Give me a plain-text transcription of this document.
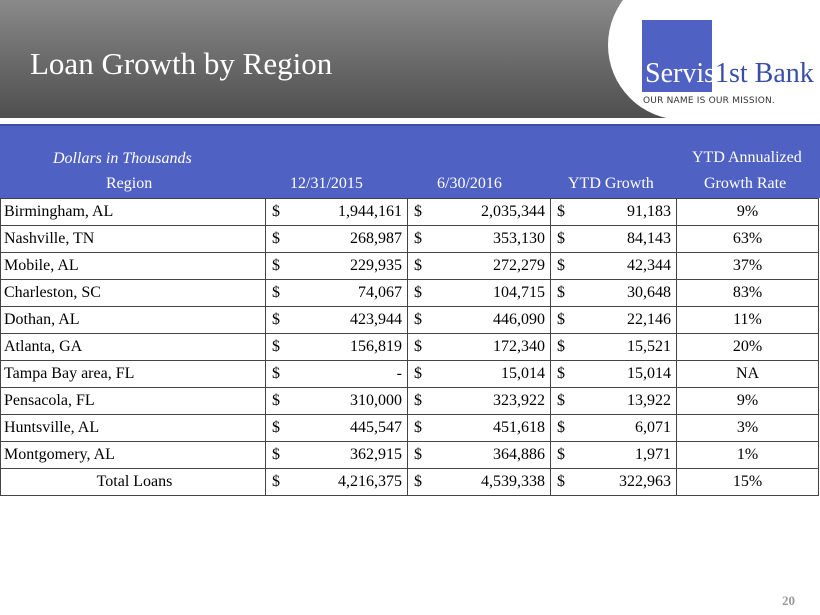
Loan Growth by Region	Servis1st Bank
OUR NAME IS OUR MISSION.
Dollars in Thousands
Region	12/31/2015	6/30/2016	YTD Growth
YTD Annualized
Growth Rate
Birmingham, AL	$ 1,944,161	$ 2,035,344	$ 91,183	9%
Nashville, TN	$ 268,987	$ 353,130	$ 84,143	63%
Mobile, AL	$ 229,935	$ 272,279	$ 42,344	37%
Charleston, SC	$ 74,067	$ 104,715	$ 30,648	83%
Dothan, AL	$ 423,944	$ 446,090	$ 22,146	11%
Atlanta, GA	$ 156,819	$ 172,340	$ 15,521	20%
Tampa Bay area, FL	$ -	$ 15,014	$ 15,014	NA
Pensacola, FL	$ 310,000	$ 323,922	$ 13,922	9%
Huntsville, AL	$ 445,547	$ 451,618	$ 6,071	3%
Montgomery, AL	$ 362,915	$ 364,886	$ 1,971	1%
Total Loans	$ 4,216,375	$ 4,539,338	$ 322,963	15%
20
